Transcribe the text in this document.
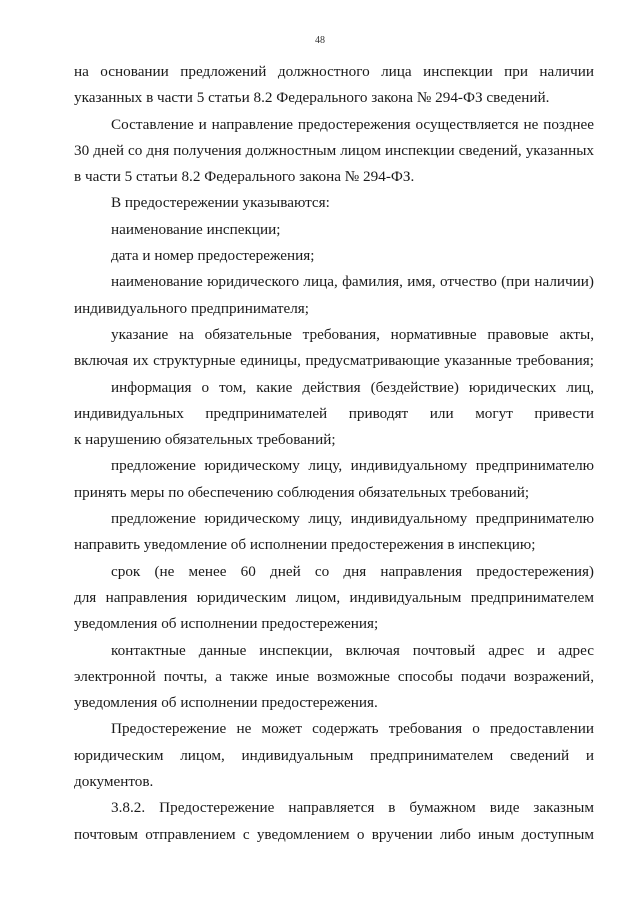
48
на основании предложений должностного лица инспекции при наличии
указанных в части 5 статьи 8.2 Федерального закона № 294-ФЗ сведений.
Составление и направление предостережения осуществляется не позднее
30 дней со дня получения должностным лицом инспекции сведений, указанных
в части 5 статьи 8.2 Федерального закона № 294-ФЗ.
В предостережении указываются:
наименование инспекции;
дата и номер предостережения;
наименование юридического лица, фамилия, имя, отчество (при наличии)
индивидуального предпринимателя;
указание на обязательные требования, нормативные правовые акты,
включая их структурные единицы, предусматривающие указанные требования;
информация о том, какие действия (бездействие) юридических лиц,
индивидуальных предпринимателей приводят или могут привести
к нарушению обязательных требований;
предложение юридическому лицу, индивидуальному предпринимателю
принять меры по обеспечению соблюдения обязательных требований;
предложение юридическому лицу, индивидуальному предпринимателю
направить уведомление об исполнении предостережения в инспекцию;
срок (не менее 60 дней со дня направления предостережения)
для направления юридическим лицом, индивидуальным предпринимателем
уведомления об исполнении предостережения;
контактные данные инспекции, включая почтовый адрес и адрес
электронной почты, а также иные возможные способы подачи возражений,
уведомления об исполнении предостережения.
Предостережение не может содержать требования о предоставлении
юридическим лицом, индивидуальным предпринимателем сведений и
документов.
3.8.2. Предостережение направляется в бумажном виде заказным
почтовым отправлением с уведомлением о вручении либо иным доступным
